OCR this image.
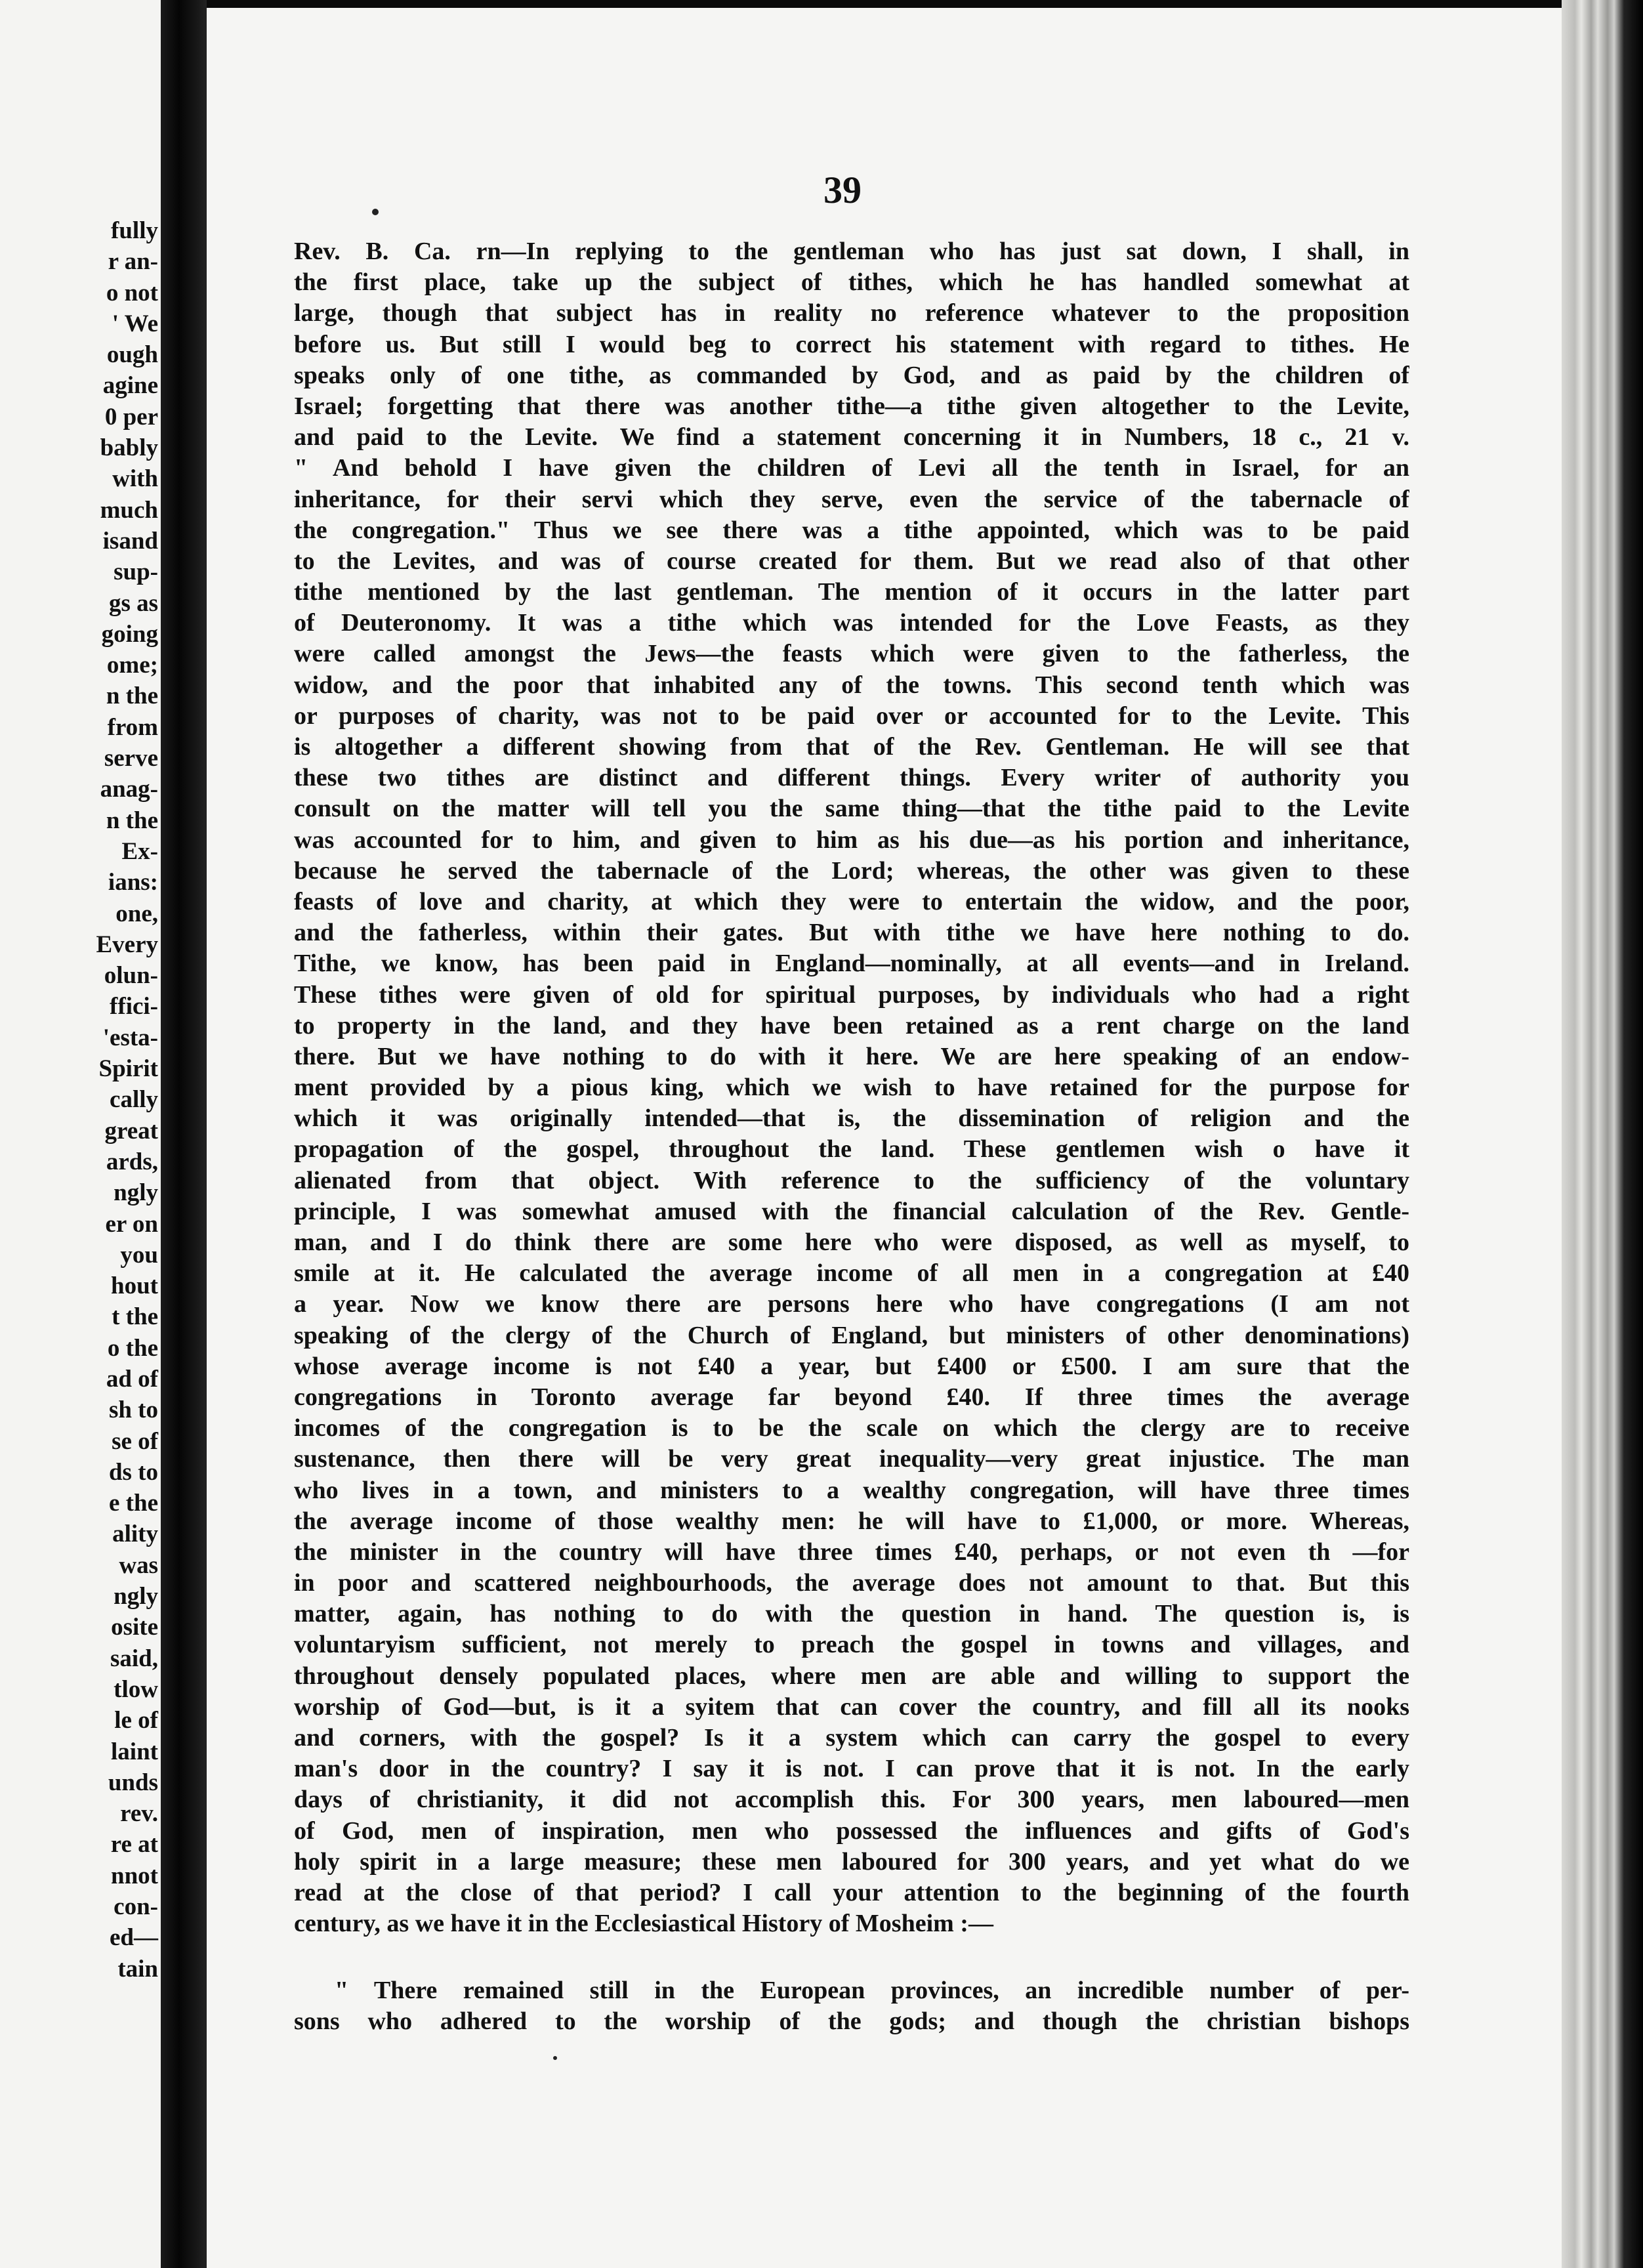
fully
r an-
o not
' We
ough
agine
0 per
bably
with
much
isand
sup-
gs as
going
ome;
n the
from
serve
anag-
n the
Ex-
ians:
one,
Every
olun-
ffici-
'esta-
Spirit
cally
great
ards,
ngly
er on
you
hout
t the
o the
ad of
sh to
se of
ds to
e the
ality
was
ngly
osite
said,
tlow
le of
laint
unds
rev.
re at
nnot
con-
ed—
tain
39
Rev. B. Ca. rn—In replying to the gentleman who has just sat down, I shall, in
the first place, take up the subject of tithes, which he has handled somewhat at
large, though that subject has in reality no reference whatever to the proposition
before us. But still I would beg to correct his statement with regard to tithes. He
speaks only of one tithe, as commanded by God, and as paid by the children of
Israel; forgetting that there was another tithe—a tithe given altogether to the Levite,
and paid to the Levite. We find a statement concerning it in Numbers, 18 c., 21 v.
" And behold I have given the children of Levi all the tenth in Israel, for an
inheritance, for their servi which they serve, even the service of the tabernacle of
the congregation." Thus we see there was a tithe appointed, which was to be paid
to the Levites, and was of course created for them. But we read also of that other
tithe mentioned by the last gentleman. The mention of it occurs in the latter part
of Deuteronomy. It was a tithe which was intended for the Love Feasts, as they
were called amongst the Jews—the feasts which were given to the fatherless, the
widow, and the poor that inhabited any of the towns. This second tenth which was
or purposes of charity, was not to be paid over or accounted for to the Levite. This
is altogether a different showing from that of the Rev. Gentleman. He will see that
these two tithes are distinct and different things. Every writer of authority you
consult on the matter will tell you the same thing—that the tithe paid to the Levite
was accounted for to him, and given to him as his due—as his portion and inheritance,
because he served the tabernacle of the Lord; whereas, the other was given to these
feasts of love and charity, at which they were to entertain the widow, and the poor,
and the fatherless, within their gates. But with tithe we have here nothing to do.
Tithe, we know, has been paid in England—nominally, at all events—and in Ireland.
These tithes were given of old for spiritual purposes, by individuals who had a right
to property in the land, and they have been retained as a rent charge on the land
there. But we have nothing to do with it here. We are here speaking of an endow-
ment provided by a pious king, which we wish to have retained for the purpose for
which it was originally intended—that is, the dissemination of religion and the
propagation of the gospel, throughout the land. These gentlemen wish o have it
alienated from that object. With reference to the sufficiency of the voluntary
principle, I was somewhat amused with the financial calculation of the Rev. Gentle-
man, and I do think there are some here who were disposed, as well as myself, to
smile at it. He calculated the average income of all men in a congregation at £40
a year. Now we know there are persons here who have congregations (I am not
speaking of the clergy of the Church of England, but ministers of other denominations)
whose average income is not £40 a year, but £400 or £500. I am sure that the
congregations in Toronto average far beyond £40. If three times the average
incomes of the congregation is to be the scale on which the clergy are to receive
sustenance, then there will be very great inequality—very great injustice. The man
who lives in a town, and ministers to a wealthy congregation, will have three times
the average income of those wealthy men: he will have to £1,000, or more. Whereas,
the minister in the country will have three times £40, perhaps, or not even th —for
in poor and scattered neighbourhoods, the average does not amount to that. But this
matter, again, has nothing to do with the question in hand. The question is, is
voluntaryism sufficient, not merely to preach the gospel in towns and villages, and
throughout densely populated places, where men are able and willing to support the
worship of God—but, is it a syitem that can cover the country, and fill all its nooks
and corners, with the gospel? Is it a system which can carry the gospel to every
man's door in the country? I say it is not. I can prove that it is not. In the early
days of christianity, it did not accomplish this. For 300 years, men laboured—men
of God, men of inspiration, men who possessed the influences and gifts of God's
holy spirit in a large measure; these men laboured for 300 years, and yet what do we
read at the close of that period? I call your attention to the beginning of the fourth
century, as we have it in the Ecclesiastical History of Mosheim :—
" There remained still in the European provinces, an incredible number of per-
sons who adhered to the worship of the gods; and though the christian bishops
